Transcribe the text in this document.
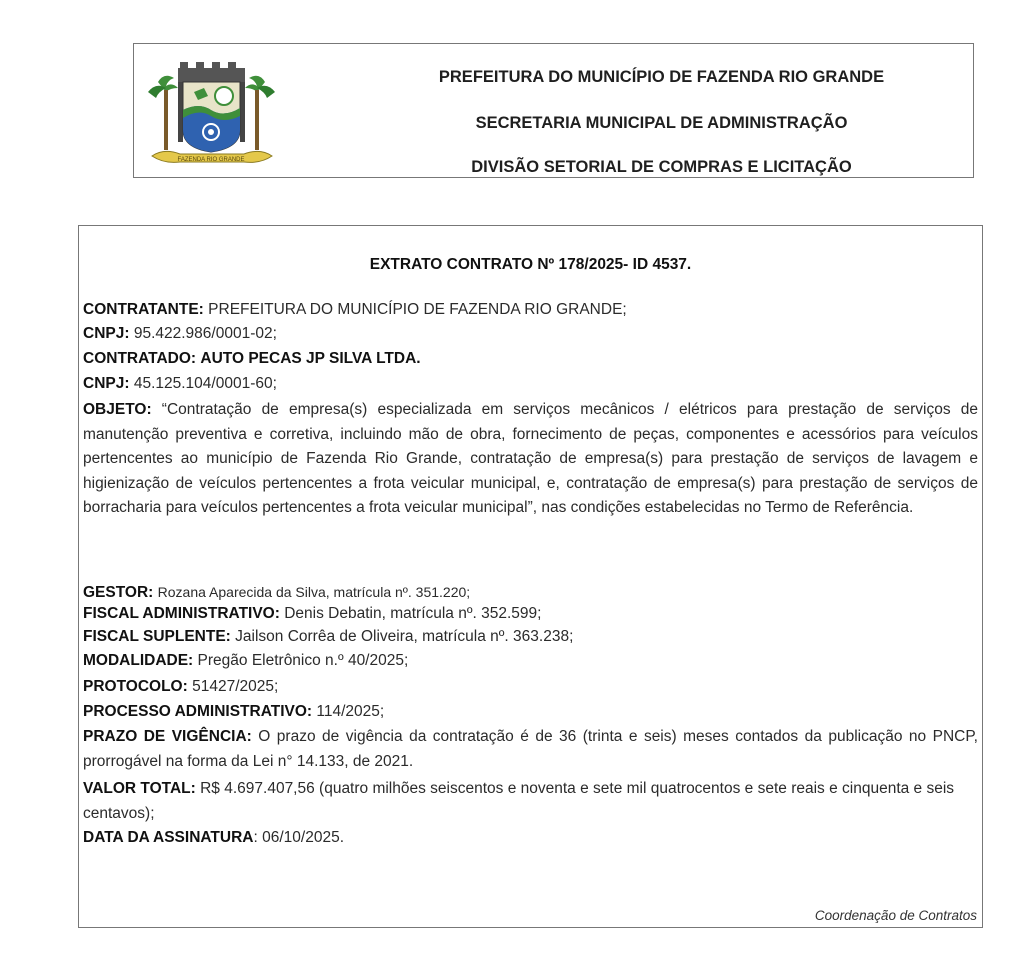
FAZENDA RIO GRANDE
PREFEITURA DO MUNICÍPIO DE FAZENDA RIO GRANDE
SECRETARIA MUNICIPAL DE ADMINISTRAÇÃO
DIVISÃO SETORIAL DE COMPRAS E LICITAÇÃO
EXTRATO CONTRATO Nº 178/2025- ID 4537.
CONTRATANTE: PREFEITURA DO MUNICÍPIO DE FAZENDA RIO GRANDE;
CNPJ: 95.422.986/0001-02;
CONTRATADO: AUTO PECAS JP SILVA LTDA.
CNPJ: 45.125.104/0001-60;
OBJETO: “Contratação de empresa(s) especializada em serviços mecânicos / elétricos para prestação de serviços de manutenção preventiva e corretiva, incluindo mão de obra, fornecimento de peças, componentes e acessórios para veículos pertencentes ao município de Fazenda Rio Grande, contratação de empresa(s) para prestação de serviços de lavagem e higienização de veículos pertencentes a frota veicular municipal, e, contratação de empresa(s) para prestação de serviços de borracharia para veículos pertencentes a frota veicular municipal”, nas condições estabelecidas no Termo de Referência.
GESTOR: Rozana Aparecida da Silva, matrícula nº. 351.220;
FISCAL ADMINISTRATIVO: Denis Debatin, matrícula nº. 352.599;
FISCAL SUPLENTE: Jailson Corrêa de Oliveira, matrícula nº. 363.238;
MODALIDADE: Pregão Eletrônico n.º 40/2025;
PROTOCOLO: 51427/2025;
PROCESSO ADMINISTRATIVO: 114/2025;
PRAZO DE VIGÊNCIA: O prazo de vigência da contratação é de 36 (trinta e seis) meses contados da publicação no PNCP, prorrogável na forma da Lei n° 14.133, de 2021.
VALOR TOTAL: R$ 4.697.407,56 (quatro milhões seiscentos e noventa e sete mil quatrocentos e sete reais e cinquenta e seis centavos);
DATA DA ASSINATURA: 06/10/2025.
Coordenação de Contratos
